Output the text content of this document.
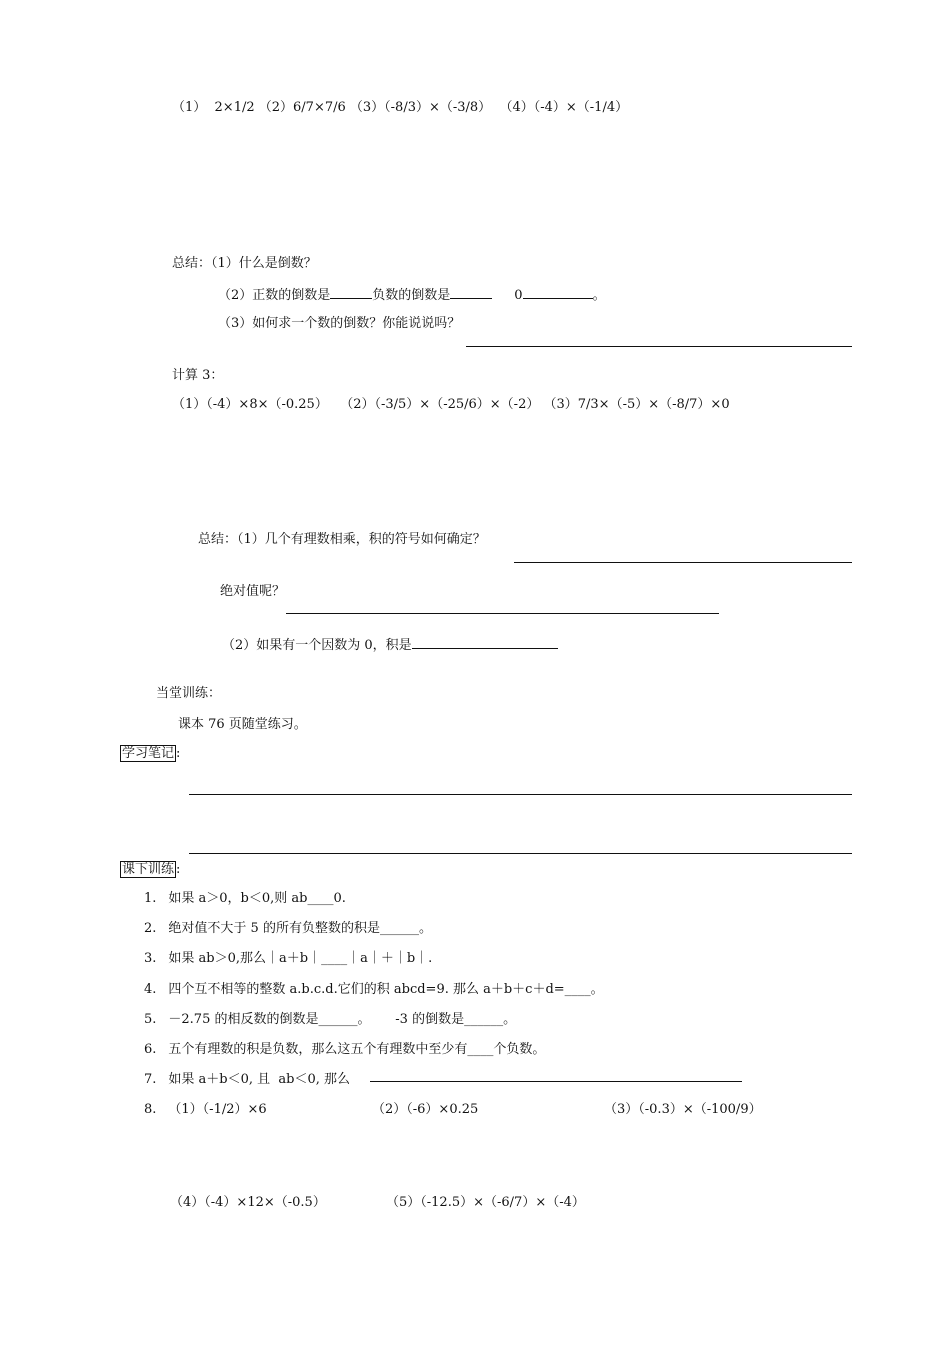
（1）  2×1/2 （2）6/7×7/6 （3）（-8/3）×（-3/8）  （4）（-4）×（-1/4）
总结：（1）什么是倒数？
（2）正数的倒数是	负数的倒数是	0	。
（3）如何求一个数的倒数？你能说说吗？
计算 3：
（1）（-4）×8×（-0.25）   （2）（-3/5）×（-25/6）×（-2） （3）7/3×（-5）×（-8/7）×0
总结：（1）几个有理数相乘，积的符号如何确定？
绝对值呢？
（2）如果有一个因数为 0，积是
当堂训练：
课本 76 页随堂练习。
学习笔记 :
课下训练 :
1. 如果 a＞0，b＜0,则 ab____0.
2. 绝对值不大于 5 的所有负整数的积是______。
3. 如果 ab＞0,那么｜a＋b｜____｜a｜＋｜b｜.
4. 四个互不相等的整数 a.b.c.d.它们的积 abcd=9. 那么 a＋b＋c＋d=____。
5. －2.75 的相反数的倒数是______。      -3 的倒数是______。
6. 五个有理数的积是负数，那么这五个有理数中至少有____个负数。
7. 如果 a＋b＜0, 且  ab＜0, 那么
8. （1）（-1/2）×6	（2）（-6）×0.25	（3）（-0.3）×（-100/9）
（4）（-4）×12×（-0.5）	（5）（-12.5）×（-6/7）×（-4）
